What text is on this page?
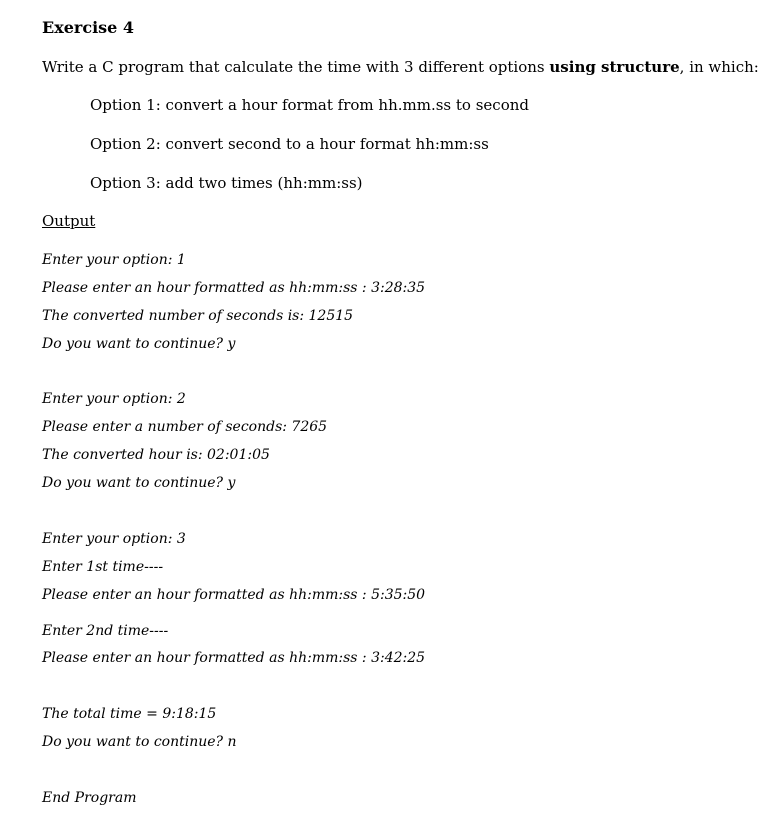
Exercise 4
Write a C program that calculate the time with 3 different options using structure, in which:
Option 1: convert a hour format from hh.mm.ss to second
Option 2: convert second to a hour format hh:mm:ss
Option 3: add two times (hh:mm:ss)
Output
Enter your option: 1
Please enter an hour formatted as hh:mm:ss : 3:28:35
The converted number of seconds is: 12515
Do you want to continue? y
Enter your option: 2
Please enter a number of seconds: 7265
The converted hour is: 02:01:05
Do you want to continue? y
Enter your option: 3
Enter 1st time----
Please enter an hour formatted as hh:mm:ss : 5:35:50
Enter 2nd time----
Please enter an hour formatted as hh:mm:ss : 3:42:25
The total time = 9:18:15
Do you want to continue? n
End Program
